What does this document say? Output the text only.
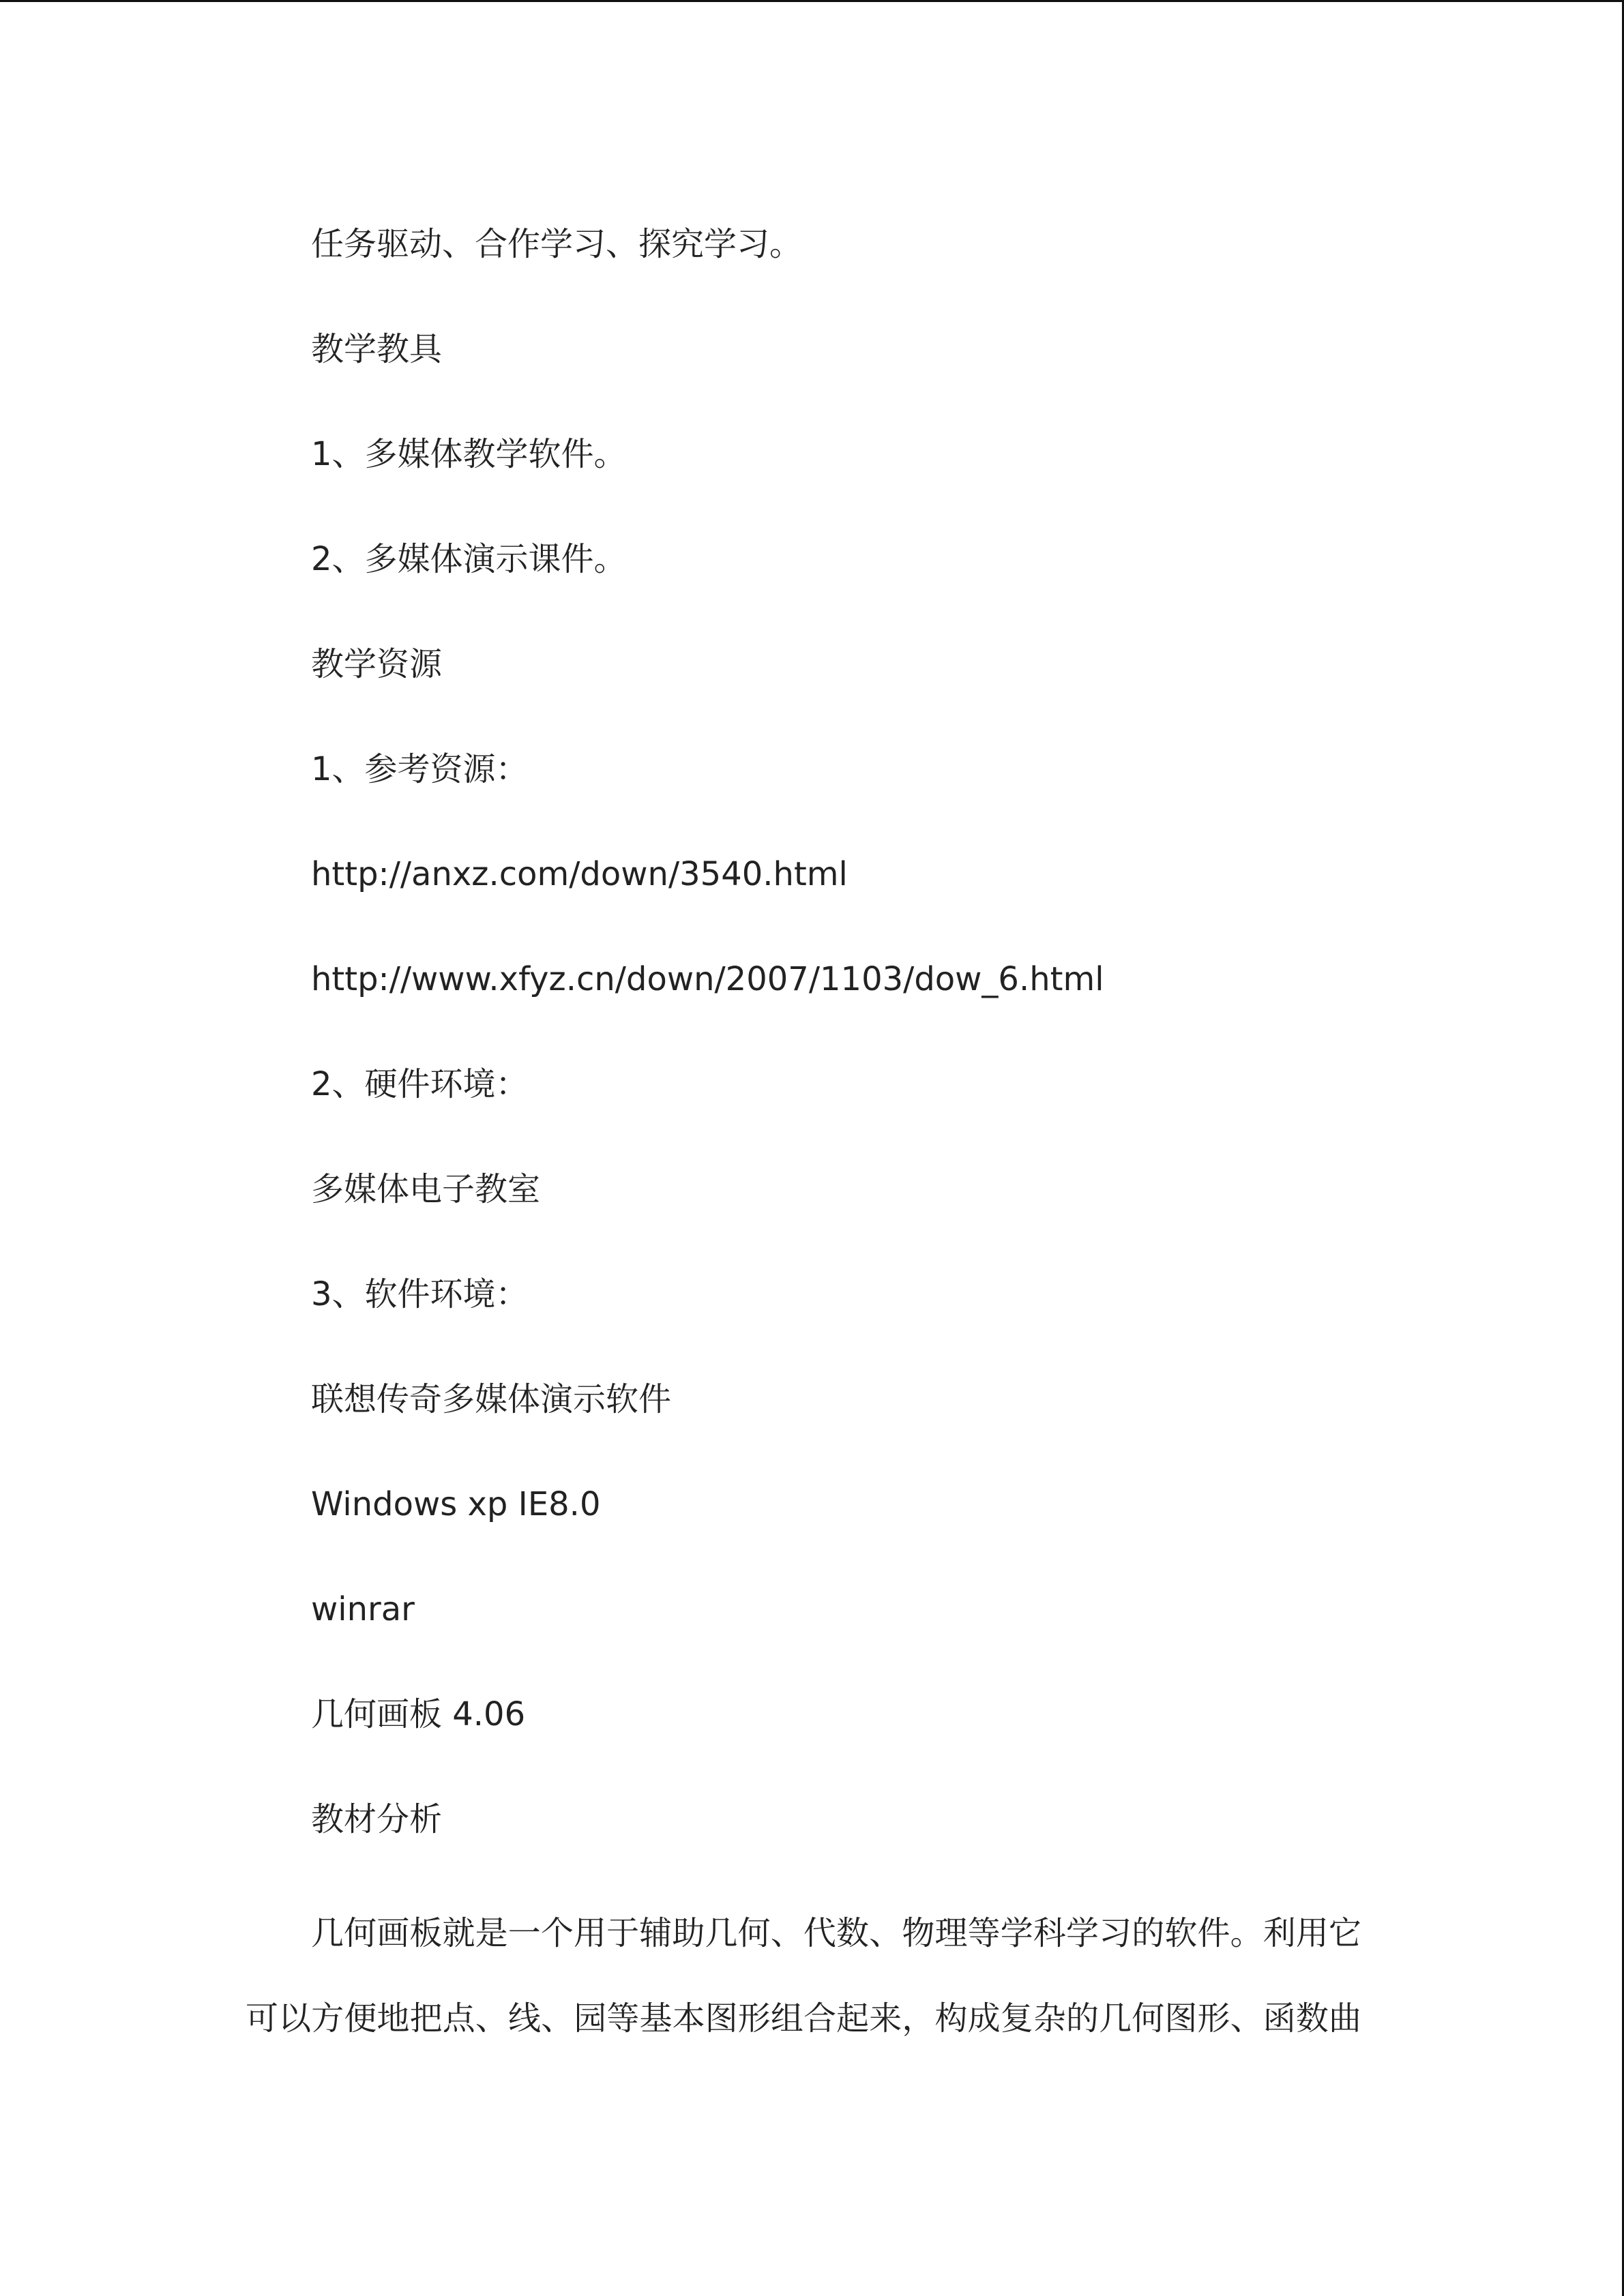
任务驱动、合作学习、探究学习。
教学教具
1、多媒体教学软件。
2、多媒体演示课件。
教学资源
1、参考资源：
http://anxz.com/down/3540.html
http://www.xfyz.cn/down/2007/1103/dow_6.html
2、硬件环境：
多媒体电子教室
3、软件环境：
联想传奇多媒体演示软件
Windows xp IE8.0
winrar
几何画板 4.06
教材分析
几何画板就是一个用于辅助几何、代数、物理等学科学习的软件。利用它
可以方便地把点、线、园等基本图形组合起来，构成复杂的几何图形、函数曲
